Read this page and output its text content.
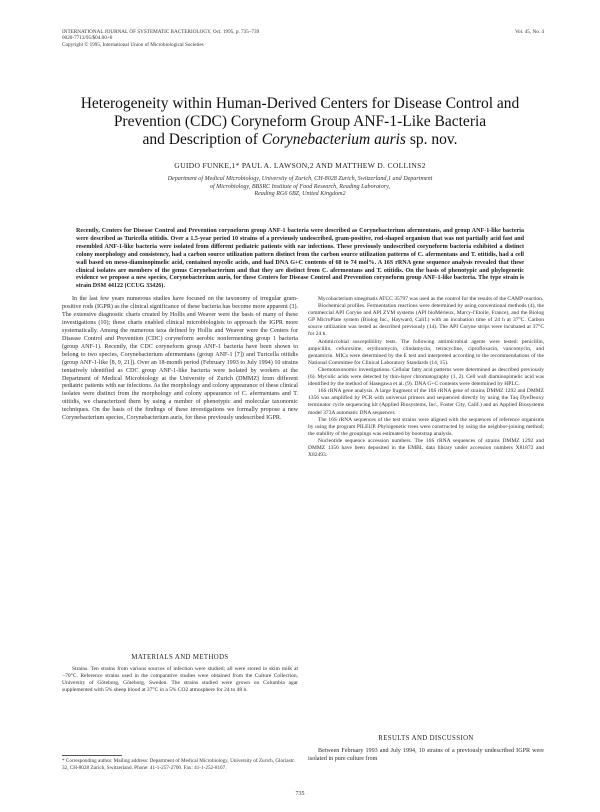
INTERNATIONAL JOURNAL OF SYSTEMATIC BACTERIOLOGY, Oct. 1995, p. 735–739
0020-7713/95/$04.00+0
Copyright © 1995, International Union of Microbiological Societies
Vol. 45, No. 4
Heterogeneity within Human-Derived Centers for Disease Control and
Prevention (CDC) Coryneform Group ANF-1-Like Bacteria
and Description of Corynebacterium auris sp. nov.
GUIDO FUNKE,1* PAUL A. LAWSON,2 AND MATTHEW D. COLLINS2
Department of Medical Microbiology, University of Zurich, CH-8028 Zurich, Switzerland,1 and Department
of Microbiology, BBSRC Institute of Food Research, Reading Laboratory,
Reading RG6 6BZ, United Kingdom2
Recently, Centers for Disease Control and Prevention coryneform group ANF-1 bacteria were described as Corynebacterium afermentans, and group ANF-1-like bacteria were described as Turicella otitidis. Over a 1.5-year period 10 strains of a previously undescribed, gram-positive, rod-shaped organism that was not partially acid fast and resembled ANF-1-like bacteria were isolated from different pediatric patients with ear infections. These previously undescribed coryneform bacteria exhibited a distinct colony morphology and consistency, had a carbon source utilization pattern distinct from the carbon source utilization patterns of C. afermentans and T. otitidis, had a cell wall based on meso-diaminopimelic acid, contained mycolic acids, and had DNA G+C contents of 68 to 74 mol%. A 16S rRNA gene sequence analysis revealed that these clinical isolates are members of the genus Corynebacterium and that they are distinct from C. afermentans and T. otitidis. On the basis of phenotypic and phylogenetic evidence we propose a new species, Corynebacterium auris, for these Centers for Disease Control and Prevention coryneform group ANF-1-like bacteria. The type strain is strain DSM 44122 (CCUG 33426).

In the last few years numerous studies have focused on the taxonomy of irregular gram-positive rods (IGPR) as the clinical significance of these bacteria has become more apparent (3). The extensive diagnostic charts created by Hollis and Weaver were the basis of many of these investigations (10); these charts enabled clinical microbiologists to approach the IGPR more systematically. Among the numerous taxa defined by Hollis and Weaver were the Centers for Disease Control and Prevention (CDC) coryneform aerobic nonfermenting group 1 bacteria (group ANF-1). Recently, the CDC coryneform group ANF-1 bacteria have been shown to belong to two species, Corynebacterium afermentans (group ANF-1 [7]) and Turicella otitidis (group ANF-1-like [8, 9, 21]). Over an 18-month period (February 1993 to July 1994) 10 strains tentatively identified as CDC group ANF-1-like bacteria were isolated by workers at the Department of Medical Microbiology at the University of Zurich (DMMZ) from different pediatric patients with ear infections. As the morphology and colony appearance of these clinical isolates were distinct from the morphology and colony appearance of C. afermentans and T. otitidis, we characterized them by using a number of phenotypic and molecular taxonomic techniques. On the basis of the findings of these investigations we formally propose a new Corynebacterium species, Corynebacterium auris, for these previously undescribed IGPR.

MATERIALS AND METHODS

Strains. Ten strains from various sources of infection were studied; all were stored in skim milk at −70°C. Reference strains used in the comparative studies were obtained from the Culture Collection, University of Göteborg, Göteborg, Sweden. The strains studied were grown on Columbia agar supplemented with 5% sheep blood at 37°C in a 5% CO2 atmosphere for 24 to 48 h.

Mycobacterium smegmatis ATCC 35797 was used as the control for the results of the CAMP reaction.

Biochemical profiles. Fermentation reactions were determined by using conventional methods (4), the commercial API Coryne and API ZYM systems (API bioMérieux, Marcy-l'Etoile, France), and the Biolog GP MicroPlate system (Biolog Inc., Hayward, Calif.) with an incubation time of 24 h at 37°C. Carbon source utilization was tested as described previously (14). The API Coryne strips were incubated at 37°C for 24 h.

Antimicrobial susceptibility tests. The following antimicrobial agents were tested: penicillin, ampicillin, cefuroxime, erythromycin, clindamycin, tetracycline, ciprofloxacin, vancomycin, and gentamicin. MICs were determined by the E test and interpreted according to the recommendations of the National Committee for Clinical Laboratory Standards (14, 15).

Chemotaxonomic investigations. Cellular fatty acid patterns were determined as described previously (6). Mycolic acids were detected by thin-layer chromatography (1, 2). Cell wall diaminopimelic acid was identified by the method of Hasegawa et al. (9). DNA G+C contents were determined by HPLC.

16S rRNA gene analysis. A large fragment of the 16S rRNA gene of strains DMMZ 1292 and DMMZ 1356 was amplified by PCR with universal primers and sequenced directly by using the Taq DyeDeoxy terminator cycle sequencing kit (Applied Biosystems, Inc., Foster City, Calif.) and an Applied Biosystems model 373A automatic DNA sequencer.

The 16S rRNA sequences of the test strains were aligned with the sequences of reference organisms by using the program PILEUP. Phylogenetic trees were constructed by using the neighbor-joining method; the stability of the groupings was estimated by bootstrap analysis.

Nucleotide sequence accession numbers. The 16S rRNA sequences of strains DMMZ 1292 and DMMZ 1356 have been deposited in the EMBL data library under accession numbers X81872 and X82493.

RESULTS AND DISCUSSION

Between February 1993 and July 1994, 10 strains of a previously undescribed IGPR were isolated in pure culture from

* Corresponding author. Mailing address: Department of Medical Microbiology, University of Zurich, Gloriastr. 32, CH-8028 Zurich, Switzerland. Phone: 41-1-257-2700. Fax: 41-1-252-8107.
735
